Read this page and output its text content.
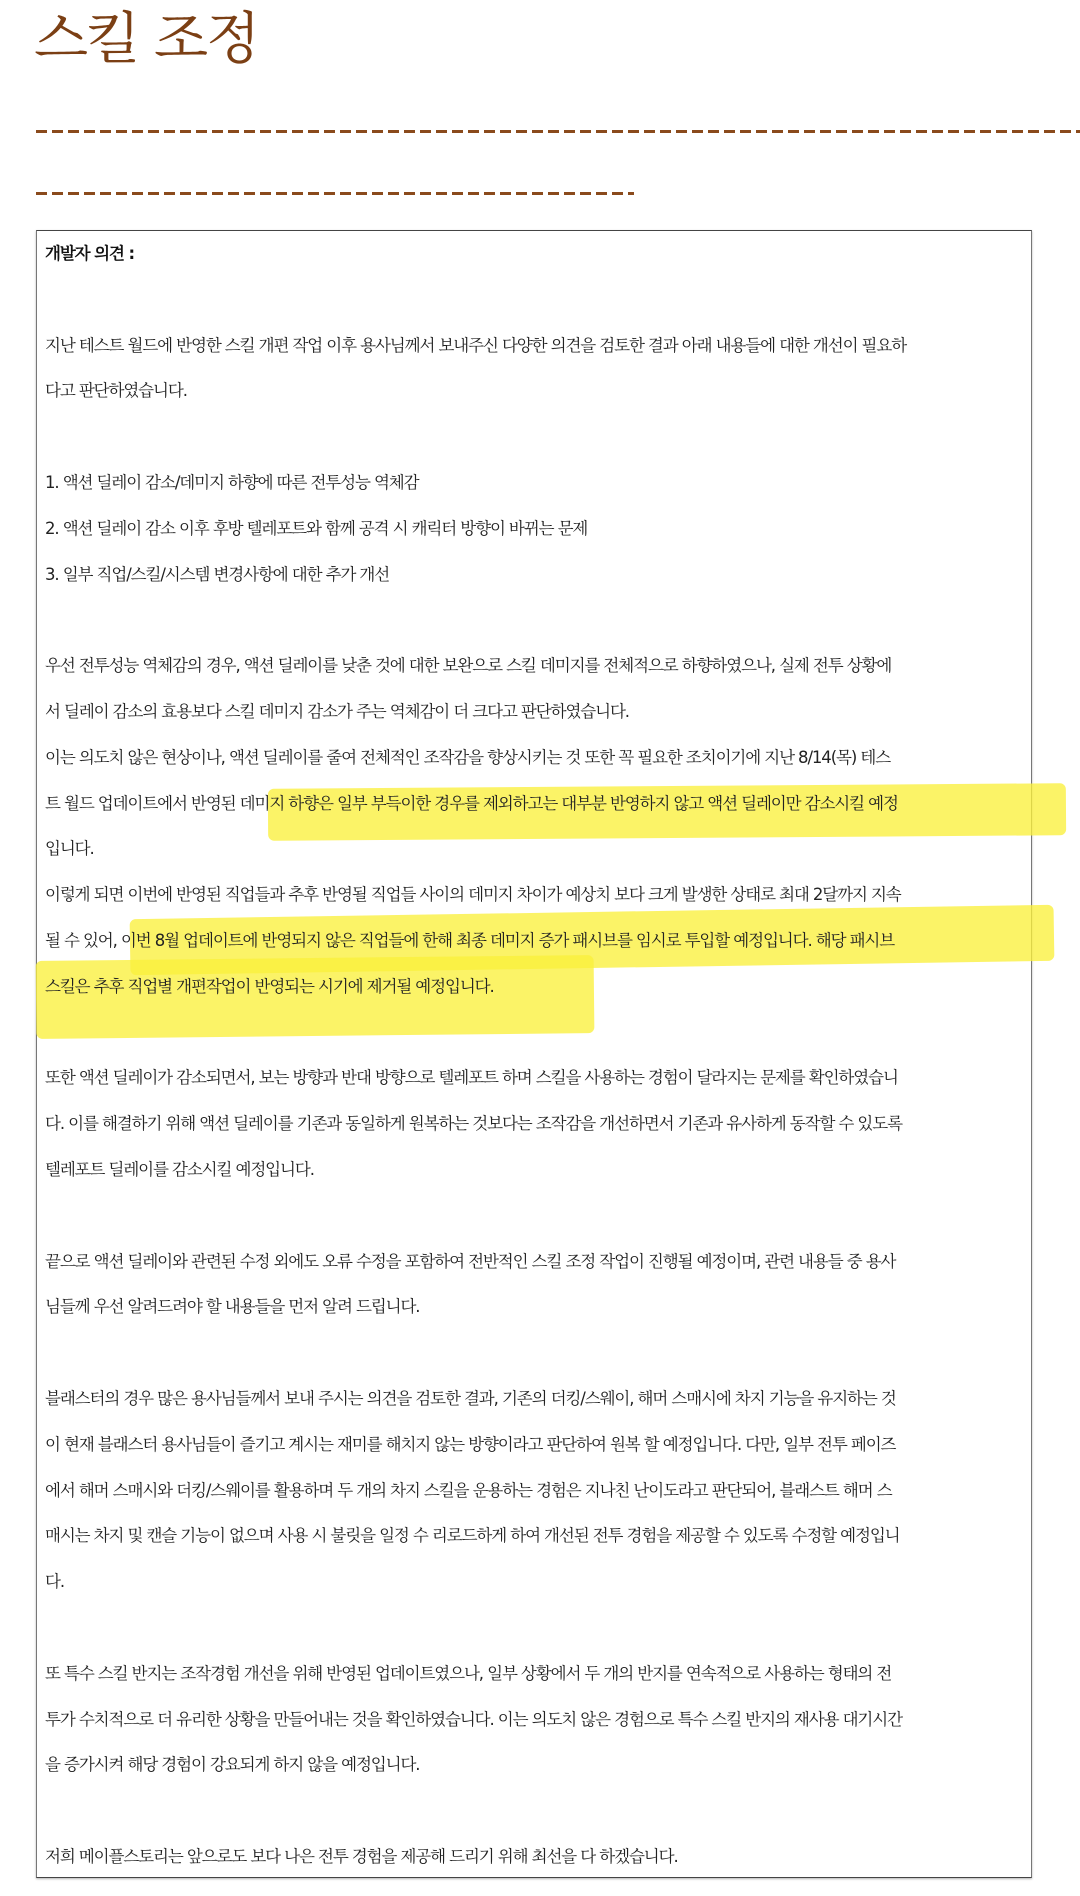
스킬 조정
개발자 의견 :
지난 테스트 월드에 반영한 스킬 개편 작업 이후 용사님께서 보내주신 다양한 의견을 검토한 결과 아래 내용들에 대한 개선이 필요하
다고 판단하였습니다.
1. 액션 딜레이 감소/데미지 하향에 따른 전투성능 역체감
2. 액션 딜레이 감소 이후 후방 텔레포트와 함께 공격 시 캐릭터 방향이 바뀌는 문제
3. 일부 직업/스킬/시스템 변경사항에 대한 추가 개선
우선 전투성능 역체감의 경우, 액션 딜레이를 낮춘 것에 대한 보완으로 스킬 데미지를 전체적으로 하향하였으나, 실제 전투 상황에
서 딜레이 감소의 효용보다 스킬 데미지 감소가 주는 역체감이 더 크다고 판단하였습니다.
이는 의도치 않은 현상이나, 액션 딜레이를 줄여 전체적인 조작감을 향상시키는 것 또한 꼭 필요한 조치이기에 지난 8/14(목) 테스
트 월드 업데이트에서 반영된 데미지 하향은 일부 부득이한 경우를 제외하고는 대부분 반영하지 않고 액션 딜레이만 감소시킬 예정
입니다.
이렇게 되면 이번에 반영된 직업들과 추후 반영될 직업들 사이의 데미지 차이가 예상치 보다 크게 발생한 상태로 최대 2달까지 지속
될 수 있어, 이번 8월 업데이트에 반영되지 않은 직업들에 한해 최종 데미지 증가 패시브를 임시로 투입할 예정입니다. 해당 패시브
스킬은 추후 직업별 개편작업이 반영되는 시기에 제거될 예정입니다.
또한 액션 딜레이가 감소되면서, 보는 방향과 반대 방향으로 텔레포트 하며 스킬을 사용하는 경험이 달라지는 문제를 확인하였습니
다. 이를 해결하기 위해 액션 딜레이를 기존과 동일하게 원복하는 것보다는 조작감을 개선하면서 기존과 유사하게 동작할 수 있도록
텔레포트 딜레이를 감소시킬 예정입니다.
끝으로 액션 딜레이와 관련된 수정 외에도 오류 수정을 포함하여 전반적인 스킬 조정 작업이 진행될 예정이며, 관련 내용들 중 용사
님들께 우선 알려드려야 할 내용들을 먼저 알려 드립니다.
블래스터의 경우 많은 용사님들께서 보내 주시는 의견을 검토한 결과, 기존의 더킹/스웨이, 해머 스매시에 차지 기능을 유지하는 것
이 현재 블래스터 용사님들이 즐기고 계시는 재미를 해치지 않는 방향이라고 판단하여 원복 할 예정입니다. 다만, 일부 전투 페이즈
에서 해머 스매시와 더킹/스웨이를 활용하며 두 개의 차지 스킬을 운용하는 경험은 지나친 난이도라고 판단되어, 블래스트 해머 스
매시는 차지 및 캔슬 기능이 없으며 사용 시 불릿을 일정 수 리로드하게 하여 개선된 전투 경험을 제공할 수 있도록 수정할 예정입니
다.
또 특수 스킬 반지는 조작경험 개선을 위해 반영된 업데이트였으나, 일부 상황에서 두 개의 반지를 연속적으로 사용하는 형태의 전
투가 수치적으로 더 유리한 상황을 만들어내는 것을 확인하였습니다. 이는 의도치 않은 경험으로 특수 스킬 반지의 재사용 대기시간
을 증가시켜 해당 경험이 강요되게 하지 않을 예정입니다.
저희 메이플스토리는 앞으로도 보다 나은 전투 경험을 제공해 드리기 위해 최선을 다 하겠습니다.
